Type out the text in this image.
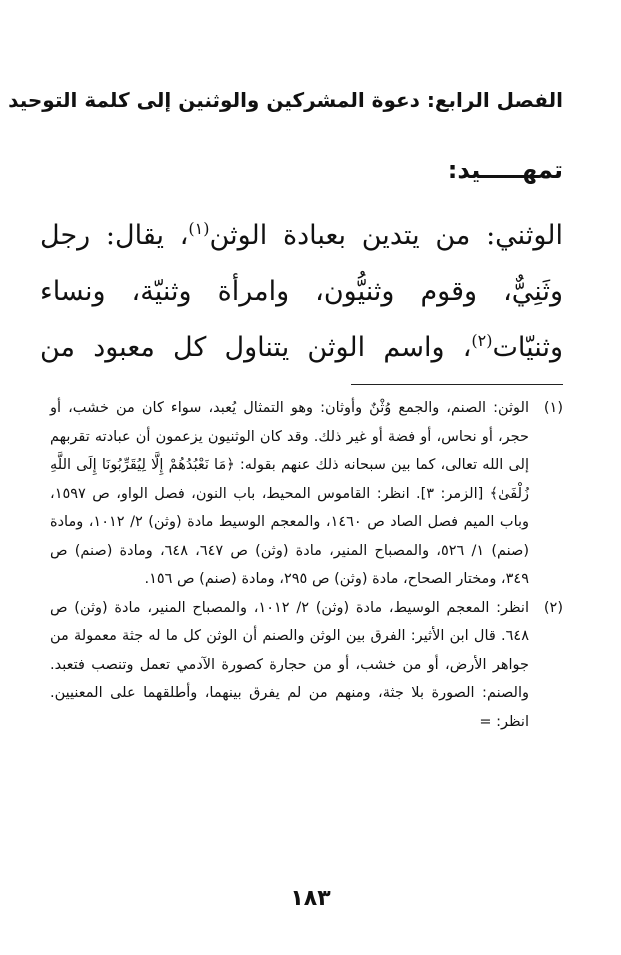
الفصل الرابع: دعوة المشركين والوثنين إلى كلمة التوحيد
تمهـــــيد:
الوثني: من يتدين بعبادة الوثن$^{(١)}$، يقال: رجل وثَنِيٌّ، وقوم وثنيُّون، وامرأة وثنيّة، ونساء وثنيّات$^{(٢)}$، واسم الوثن يتناول كل معبود من
(١)
الوثن: الصنم، والجمع وُثْنٌ وأوثان: وهو التمثال يُعبد، سواء كان من خشب، أو حجر، أو نحاس، أو فضة أو غير ذلك. وقد كان الوثنيون يزعمون أن عبادته تقربهم إلى الله تعالى، كما بين سبحانه ذلك عنهم بقوله: ﴿مَا نَعْبُدُهُمْ إِلَّا لِيُقَرِّبُونَا إِلَى اللَّهِ زُلْفَىٰ﴾ [الزمر: ٣]. انظر: القاموس المحيط، باب النون، فصل الواو، ص ١٥٩٧، وباب الميم فصل الصاد ص ١٤٦٠، والمعجم الوسيط مادة (وثن) ٢/ ١٠١٢، ومادة (صنم) ١/ ٥٢٦، والمصباح المنير، مادة (وثن) ص ٦٤٧، ٦٤٨، ومادة (صنم) ص ٣٤٩، ومختار الصحاح، مادة (وثن) ص ٢٩٥، ومادة (صنم) ص ١٥٦.
(٢)
انظر: المعجم الوسيط، مادة (وثن) ٢/ ١٠١٢، والمصباح المنير، مادة (وثن) ص ٦٤٨. قال ابن الأثير: الفرق بين الوثن والصنم أن الوثن كل ما له جثة معمولة من جواهر الأرض، أو من خشب، أو من حجارة كصورة الآدمي تعمل وتنصب فتعبد. والصنم: الصورة بلا جثة، ومنهم من لم يفرق بينهما، وأطلقهما على المعنيين. انظر: =
١٨٣
